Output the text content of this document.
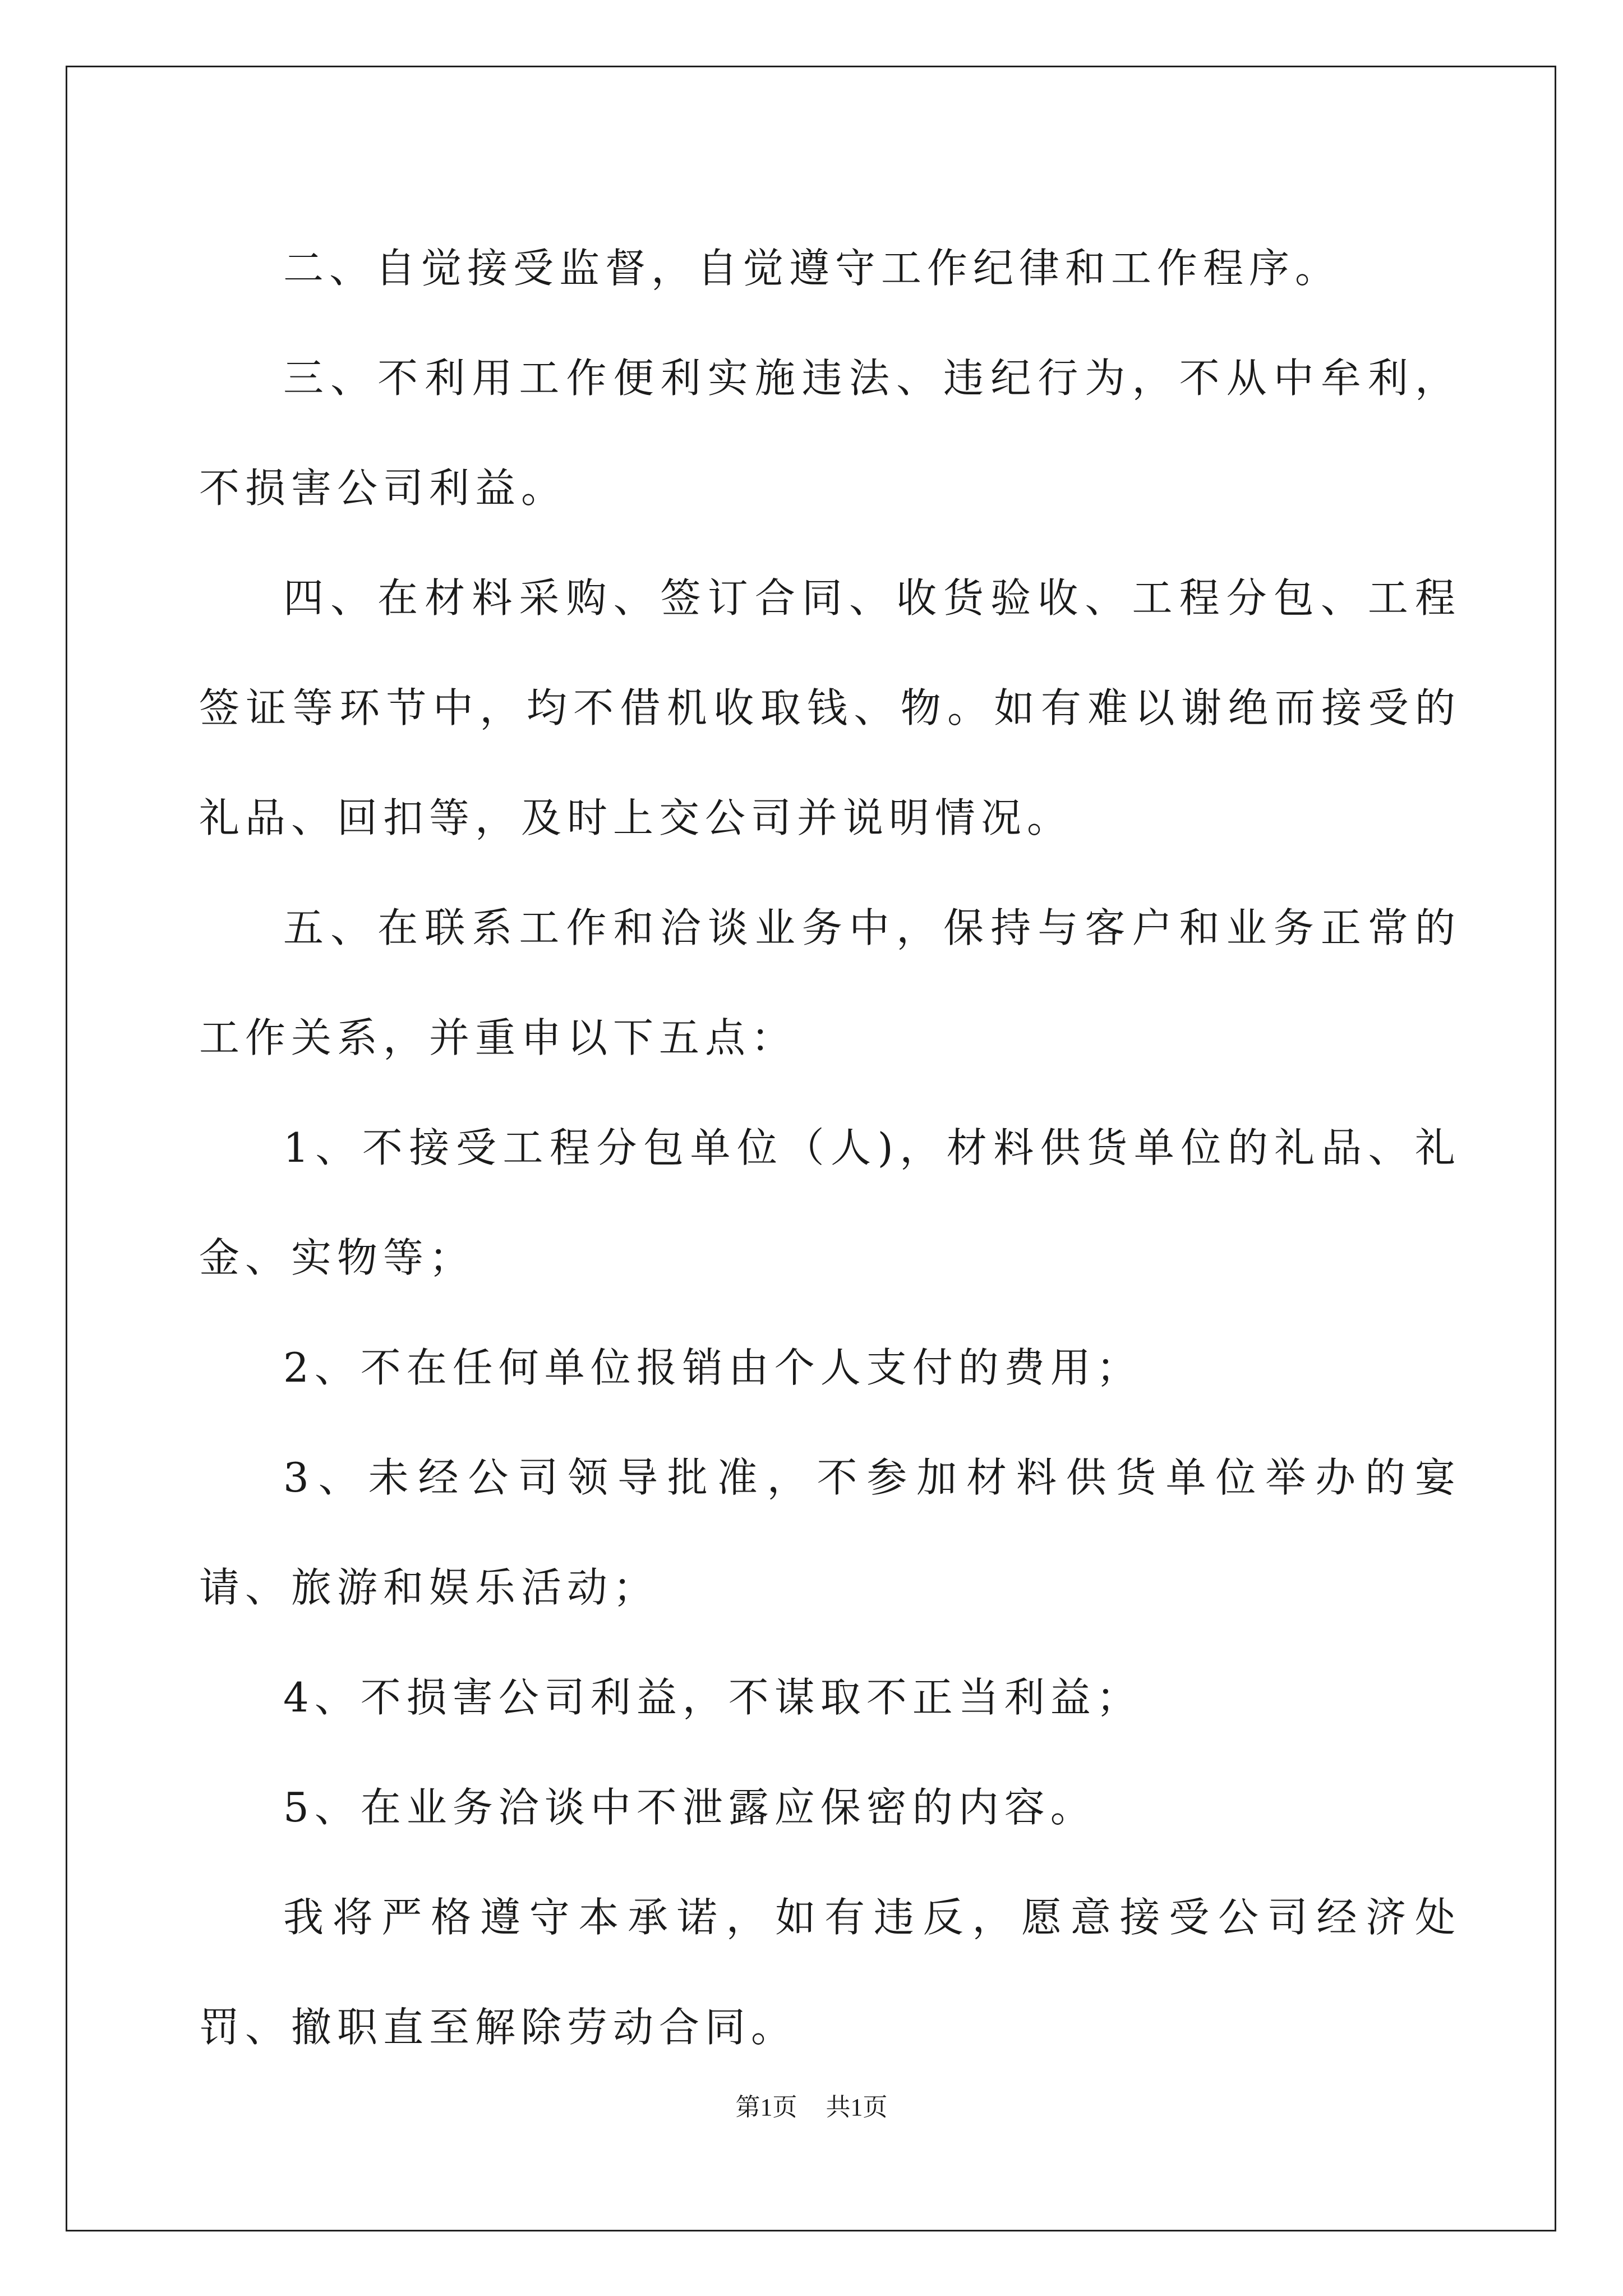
二、自觉接受监督，自觉遵守工作纪律和工作程序。

三、不利用工作便利实施违法、违纪行为，不从中牟利，不损害公司利益。

四、在材料采购、签订合同、收货验收、工程分包、工程签证等环节中，均不借机收取钱、物。如有难以谢绝而接受的礼品、回扣等，及时上交公司并说明情况。

五、在联系工作和洽谈业务中，保持与客户和业务正常的工作关系，并重申以下五点：

1、不接受工程分包单位（人)，材料供货单位的礼品、礼金、实物等；

2、不在任何单位报销由个人支付的费用；

3、未经公司领导批准，不参加材料供货单位举办的宴请、旅游和娱乐活动；

4、不损害公司利益，不谋取不正当利益；

5、在业务洽谈中不泄露应保密的内容。

我将严格遵守本承诺，如有违反，愿意接受公司经济处罚、撤职直至解除劳动合同。

第1页 共1页
